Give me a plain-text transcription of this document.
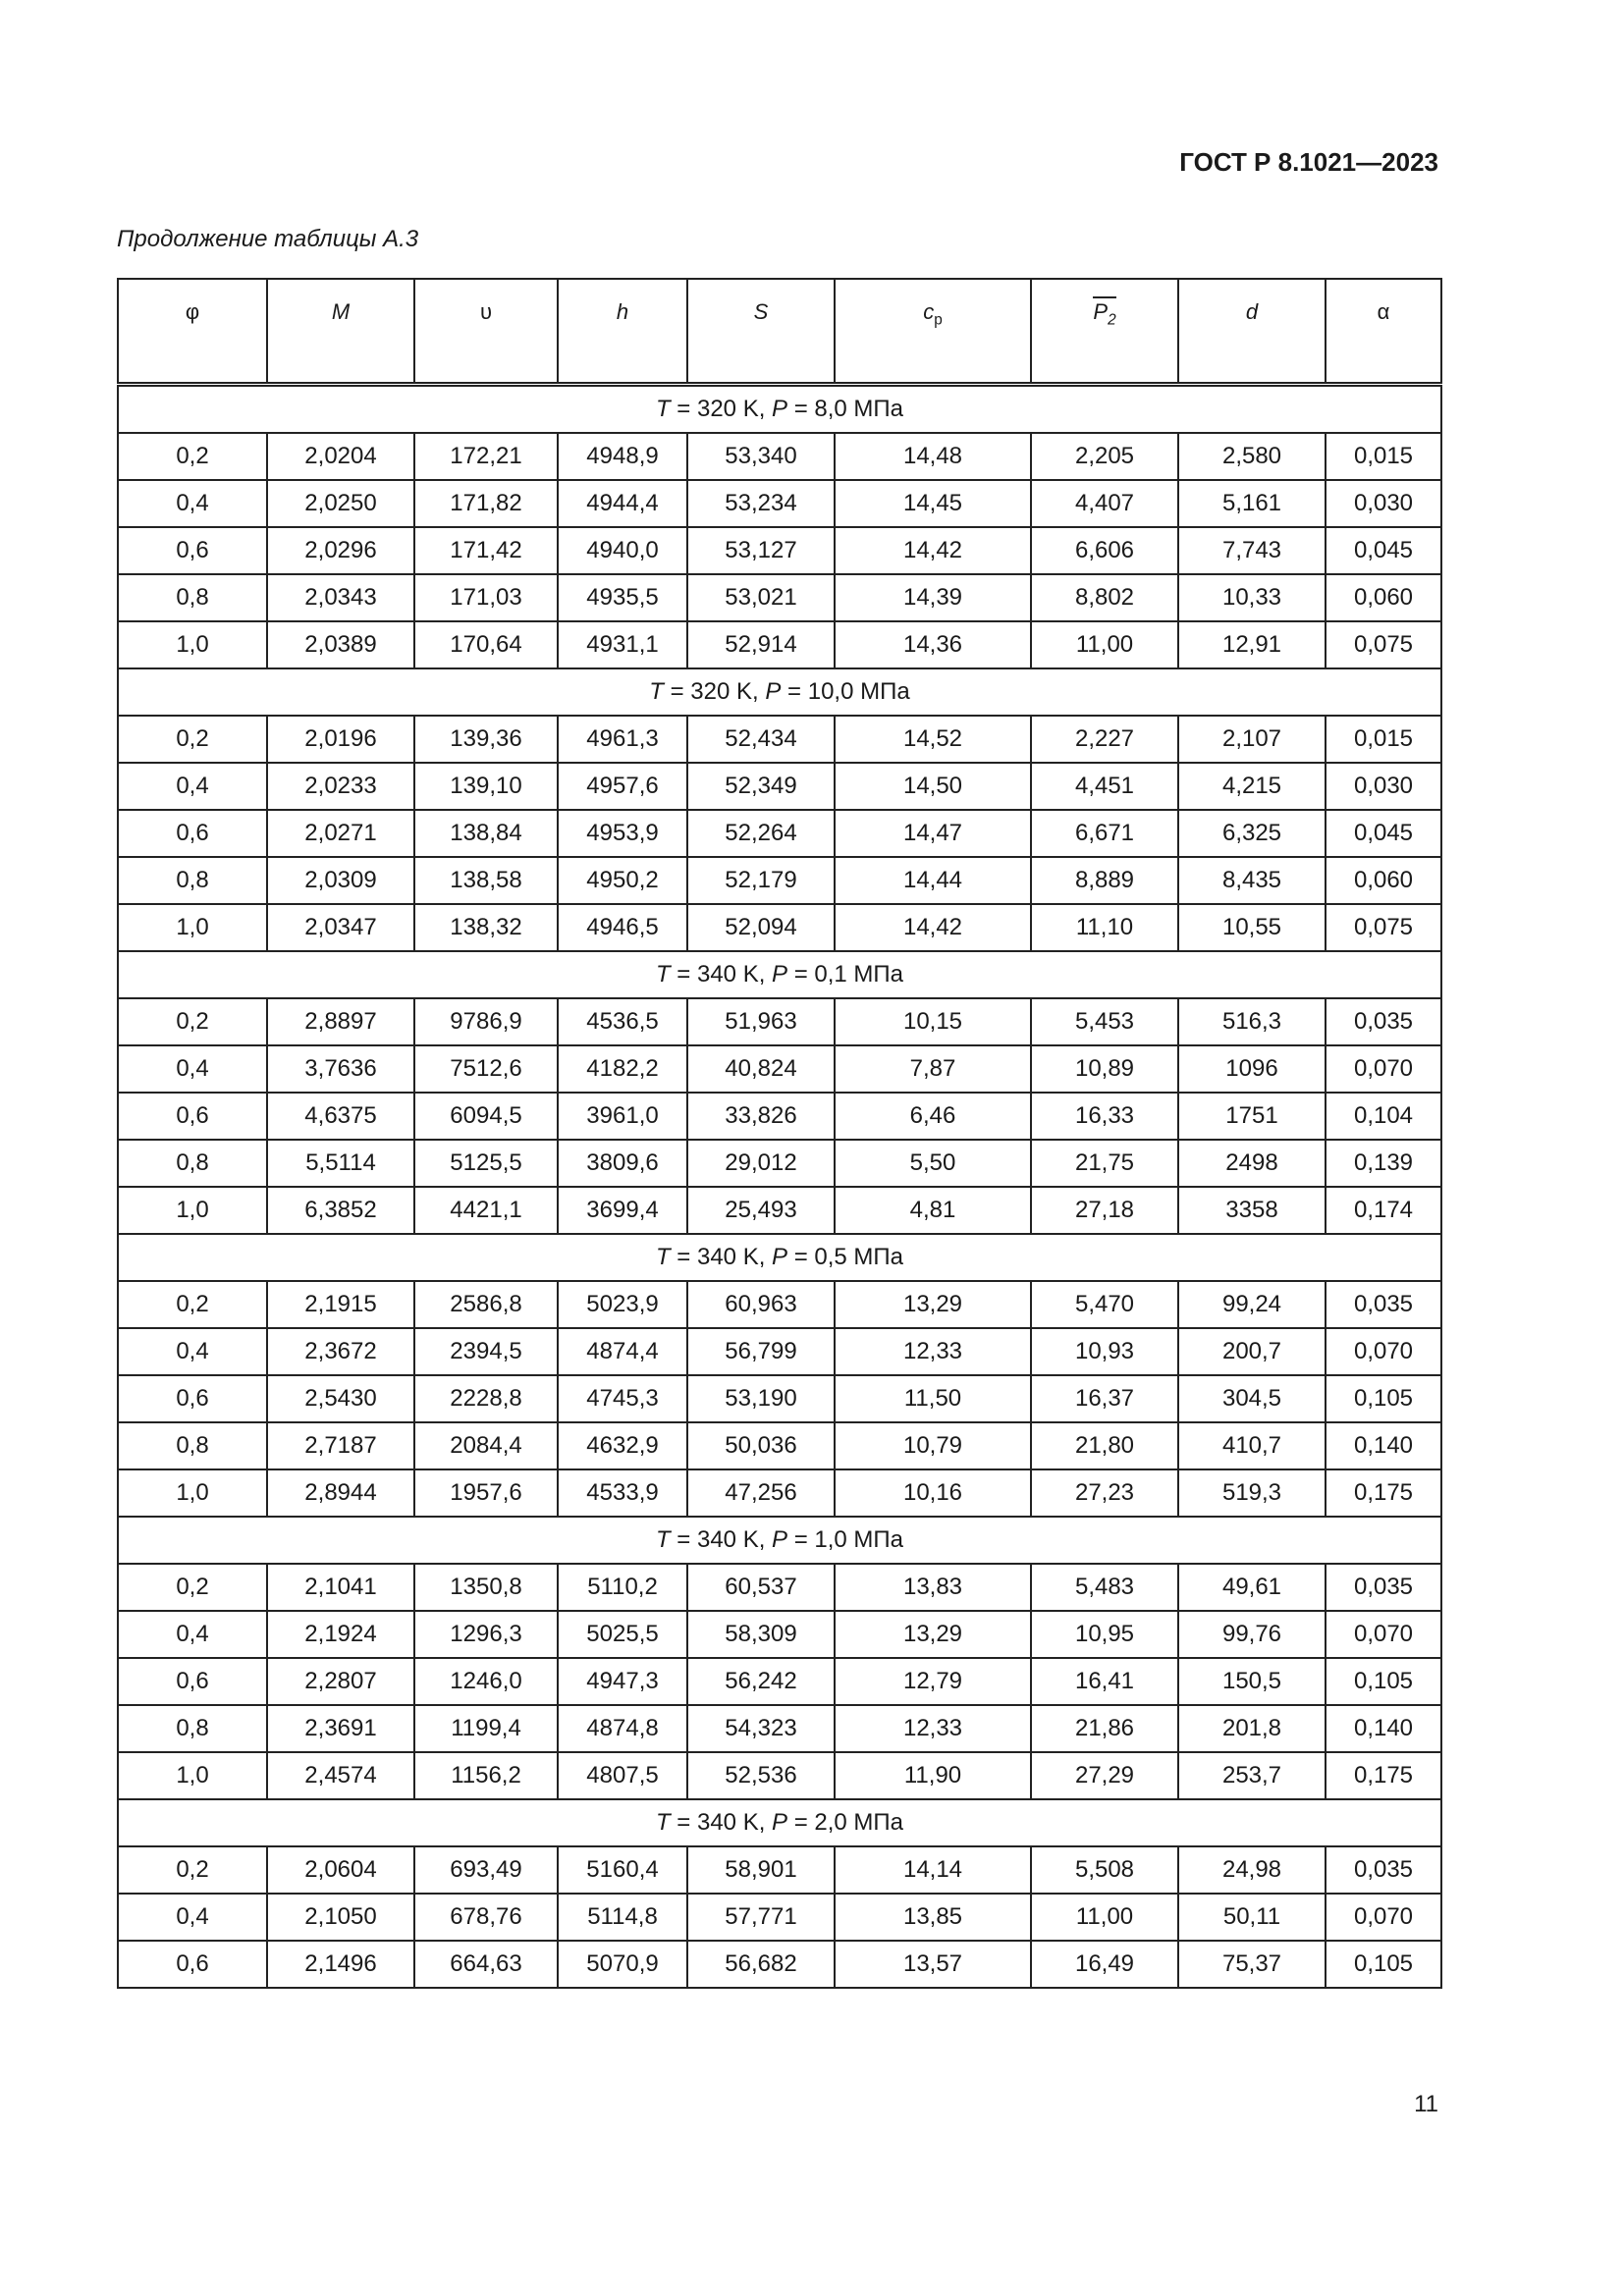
ГОСТ Р 8.1021—2023
Продолжение таблицы А.3
φ	M	υ	h	S	$c_p$	$P_2$	d	α
T = 320 K, P = 8,0 МПа								
0,2	2,0204	172,21	4948,9	53,340	14,48	2,205	2,580	0,015
0,4	2,0250	171,82	4944,4	53,234	14,45	4,407	5,161	0,030
0,6	2,0296	171,42	4940,0	53,127	14,42	6,606	7,743	0,045
0,8	2,0343	171,03	4935,5	53,021	14,39	8,802	10,33	0,060
1,0	2,0389	170,64	4931,1	52,914	14,36	11,00	12,91	0,075
T = 320 K, P = 10,0 МПа								
0,2	2,0196	139,36	4961,3	52,434	14,52	2,227	2,107	0,015
0,4	2,0233	139,10	4957,6	52,349	14,50	4,451	4,215	0,030
0,6	2,0271	138,84	4953,9	52,264	14,47	6,671	6,325	0,045
0,8	2,0309	138,58	4950,2	52,179	14,44	8,889	8,435	0,060
1,0	2,0347	138,32	4946,5	52,094	14,42	11,10	10,55	0,075
T = 340 K, P = 0,1 МПа								
0,2	2,8897	9786,9	4536,5	51,963	10,15	5,453	516,3	0,035
0,4	3,7636	7512,6	4182,2	40,824	7,87	10,89	1096	0,070
0,6	4,6375	6094,5	3961,0	33,826	6,46	16,33	1751	0,104
0,8	5,5114	5125,5	3809,6	29,012	5,50	21,75	2498	0,139
1,0	6,3852	4421,1	3699,4	25,493	4,81	27,18	3358	0,174
T = 340 K, P = 0,5 МПа								
0,2	2,1915	2586,8	5023,9	60,963	13,29	5,470	99,24	0,035
0,4	2,3672	2394,5	4874,4	56,799	12,33	10,93	200,7	0,070
0,6	2,5430	2228,8	4745,3	53,190	11,50	16,37	304,5	0,105
0,8	2,7187	2084,4	4632,9	50,036	10,79	21,80	410,7	0,140
1,0	2,8944	1957,6	4533,9	47,256	10,16	27,23	519,3	0,175
T = 340 K, P = 1,0 МПа								
0,2	2,1041	1350,8	5110,2	60,537	13,83	5,483	49,61	0,035
0,4	2,1924	1296,3	5025,5	58,309	13,29	10,95	99,76	0,070
0,6	2,2807	1246,0	4947,3	56,242	12,79	16,41	150,5	0,105
0,8	2,3691	1199,4	4874,8	54,323	12,33	21,86	201,8	0,140
1,0	2,4574	1156,2	4807,5	52,536	11,90	27,29	253,7	0,175
T = 340 K, P = 2,0 МПа								
0,2	2,0604	693,49	5160,4	58,901	14,14	5,508	24,98	0,035
0,4	2,1050	678,76	5114,8	57,771	13,85	11,00	50,11	0,070
0,6	2,1496	664,63	5070,9	56,682	13,57	16,49	75,37	0,105
11
